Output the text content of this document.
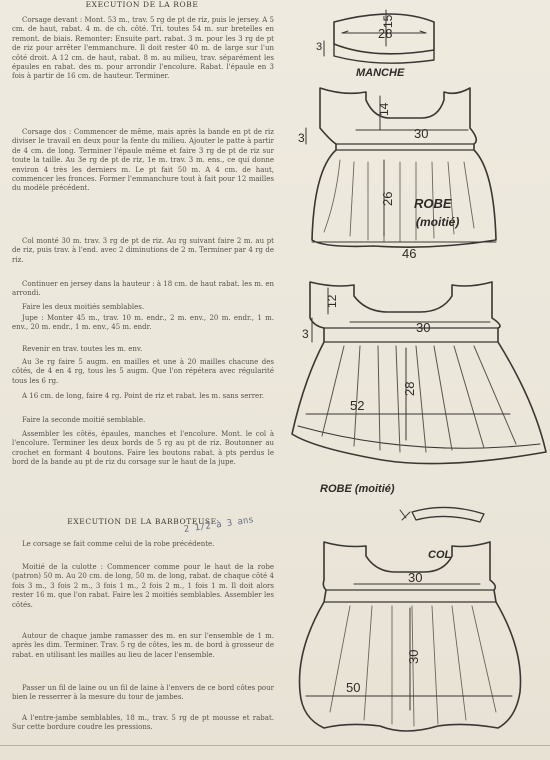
EXECUTION DE LA ROBE

Corsage devant : Mont. 53 m., trav. 5 rg de pt de riz, puis le jersey. A 5 cm. de haut, rabat. 4 m. de ch. côté. Tri. toutes 54 m. sur bretelles en remont. de biais. Remonter: Ensuite part. rabat. 3 m. pour les 3 rg de pt de riz pour arrêter l'emmanchure. Il doit rester 40 m. de large sur l'un côté droit. A 12 cm. de haut, rabat. 8 m. au milieu, trav. séparément les épaules en rabat. des m. pour arrondir l'encolure. Rabat. l'épaule en 3 fois à partir de 16 cm. de hauteur. Terminer.

Corsage dos : Commencer de même, mais après la bande en pt de riz diviser le travail en deux pour la fente du milieu. Ajouter le patte à partir de 4 cm. de long. Terminer l'épaule même et faire 3 rg de pt de riz sur toute la taille. Au 3e rg de pt de riz, 1e m. trav. 3 m. ens., ce qui donne environ 4 très les derniers m. Le pt fait 50 m. A 4 cm. de haut, commencer les fronces. Former l'emmanchure tout à fait pour 12 mailles du modèle précédent.

Col monté 30 m. trav. 3 rg de pt de riz. Au rg suivant faire 2 m. au pt de riz, puis trav. à l'end. avec 2 diminutions de 2 m. Terminer par 4 rg de riz.

Continuer en jersey dans la hauteur : à 18 cm. de haut rabat. les m. en arrondi.

Faire les deux moitiés semblables.

Jupe : Monter 45 m., trav. 10 m. endr., 2 m. env., 20 m. endr., 1 m. env., 20 m. endr., 1 m. env., 45 m. endr.

Revenir en trav. toutes les m. env.

Au 3e rg faire 5 augm. en mailles et une à 20 mailles chacune des côtés, de 4 en 4 rg, tous les 5 augm. Que l'on répétera avec régularité tous les 6 rg.

A 16 cm. de long, faire 4 rg. Point de riz et rabat. les m. sans serrer.

Faire la seconde moitié semblable.

Assembler les côtés, épaules, manches et l'encolure. Mont. le col à l'encolure. Terminer les deux bords de 5 rg au pt de riz. Boutonner au crochet en formant 4 boutons. Faire les boutons rabat. à pts perdus le bord de la bande au pt de riz du corsage sur le haut de la jupe.

EXECUTION DE LA BARBOTEUSE
2 1/2 à 3 ans

Le corsage se fait comme celui de la robe précédente.

Moitié de la culotte : Commencer comme pour le haut de la robe (patron) 50 m. Au 20 cm. de long, 50 m. de long, rabat. de chaque côté 4 fois 3 m., 3 fois 2 m., 3 fois 1 m., 2 fois 2 m., 1 fois 1 m. Il doit alors rester 16 m. que l'on rabat. Faire les 2 moitiés semblables. Assembler les côtés.

Autour de chaque jambe ramasser des m. en sur l'ensemble de 1 m. après les dim. Terminer. Trav. 5 rg de côtes, les m. de bord à grosseur de rabat. en utilisant les mailles au lieu de lacer l'ensemble.

Passer un fil de laine ou un fil de laine à l'envers de ce bord côtes pour bien le resserrer à la mesure du tour de jambes.

A l'entre-jambe semblables, 18 m., trav. 5 rg de pt mousse et rabat. Sur cette bordure coudre les pressions.

28
15
3
MANCHE
14
3	30
26
46
ROBE
(moitié)
12
3	30
28
52
ROBE (moitié)
COL
30
30
50
